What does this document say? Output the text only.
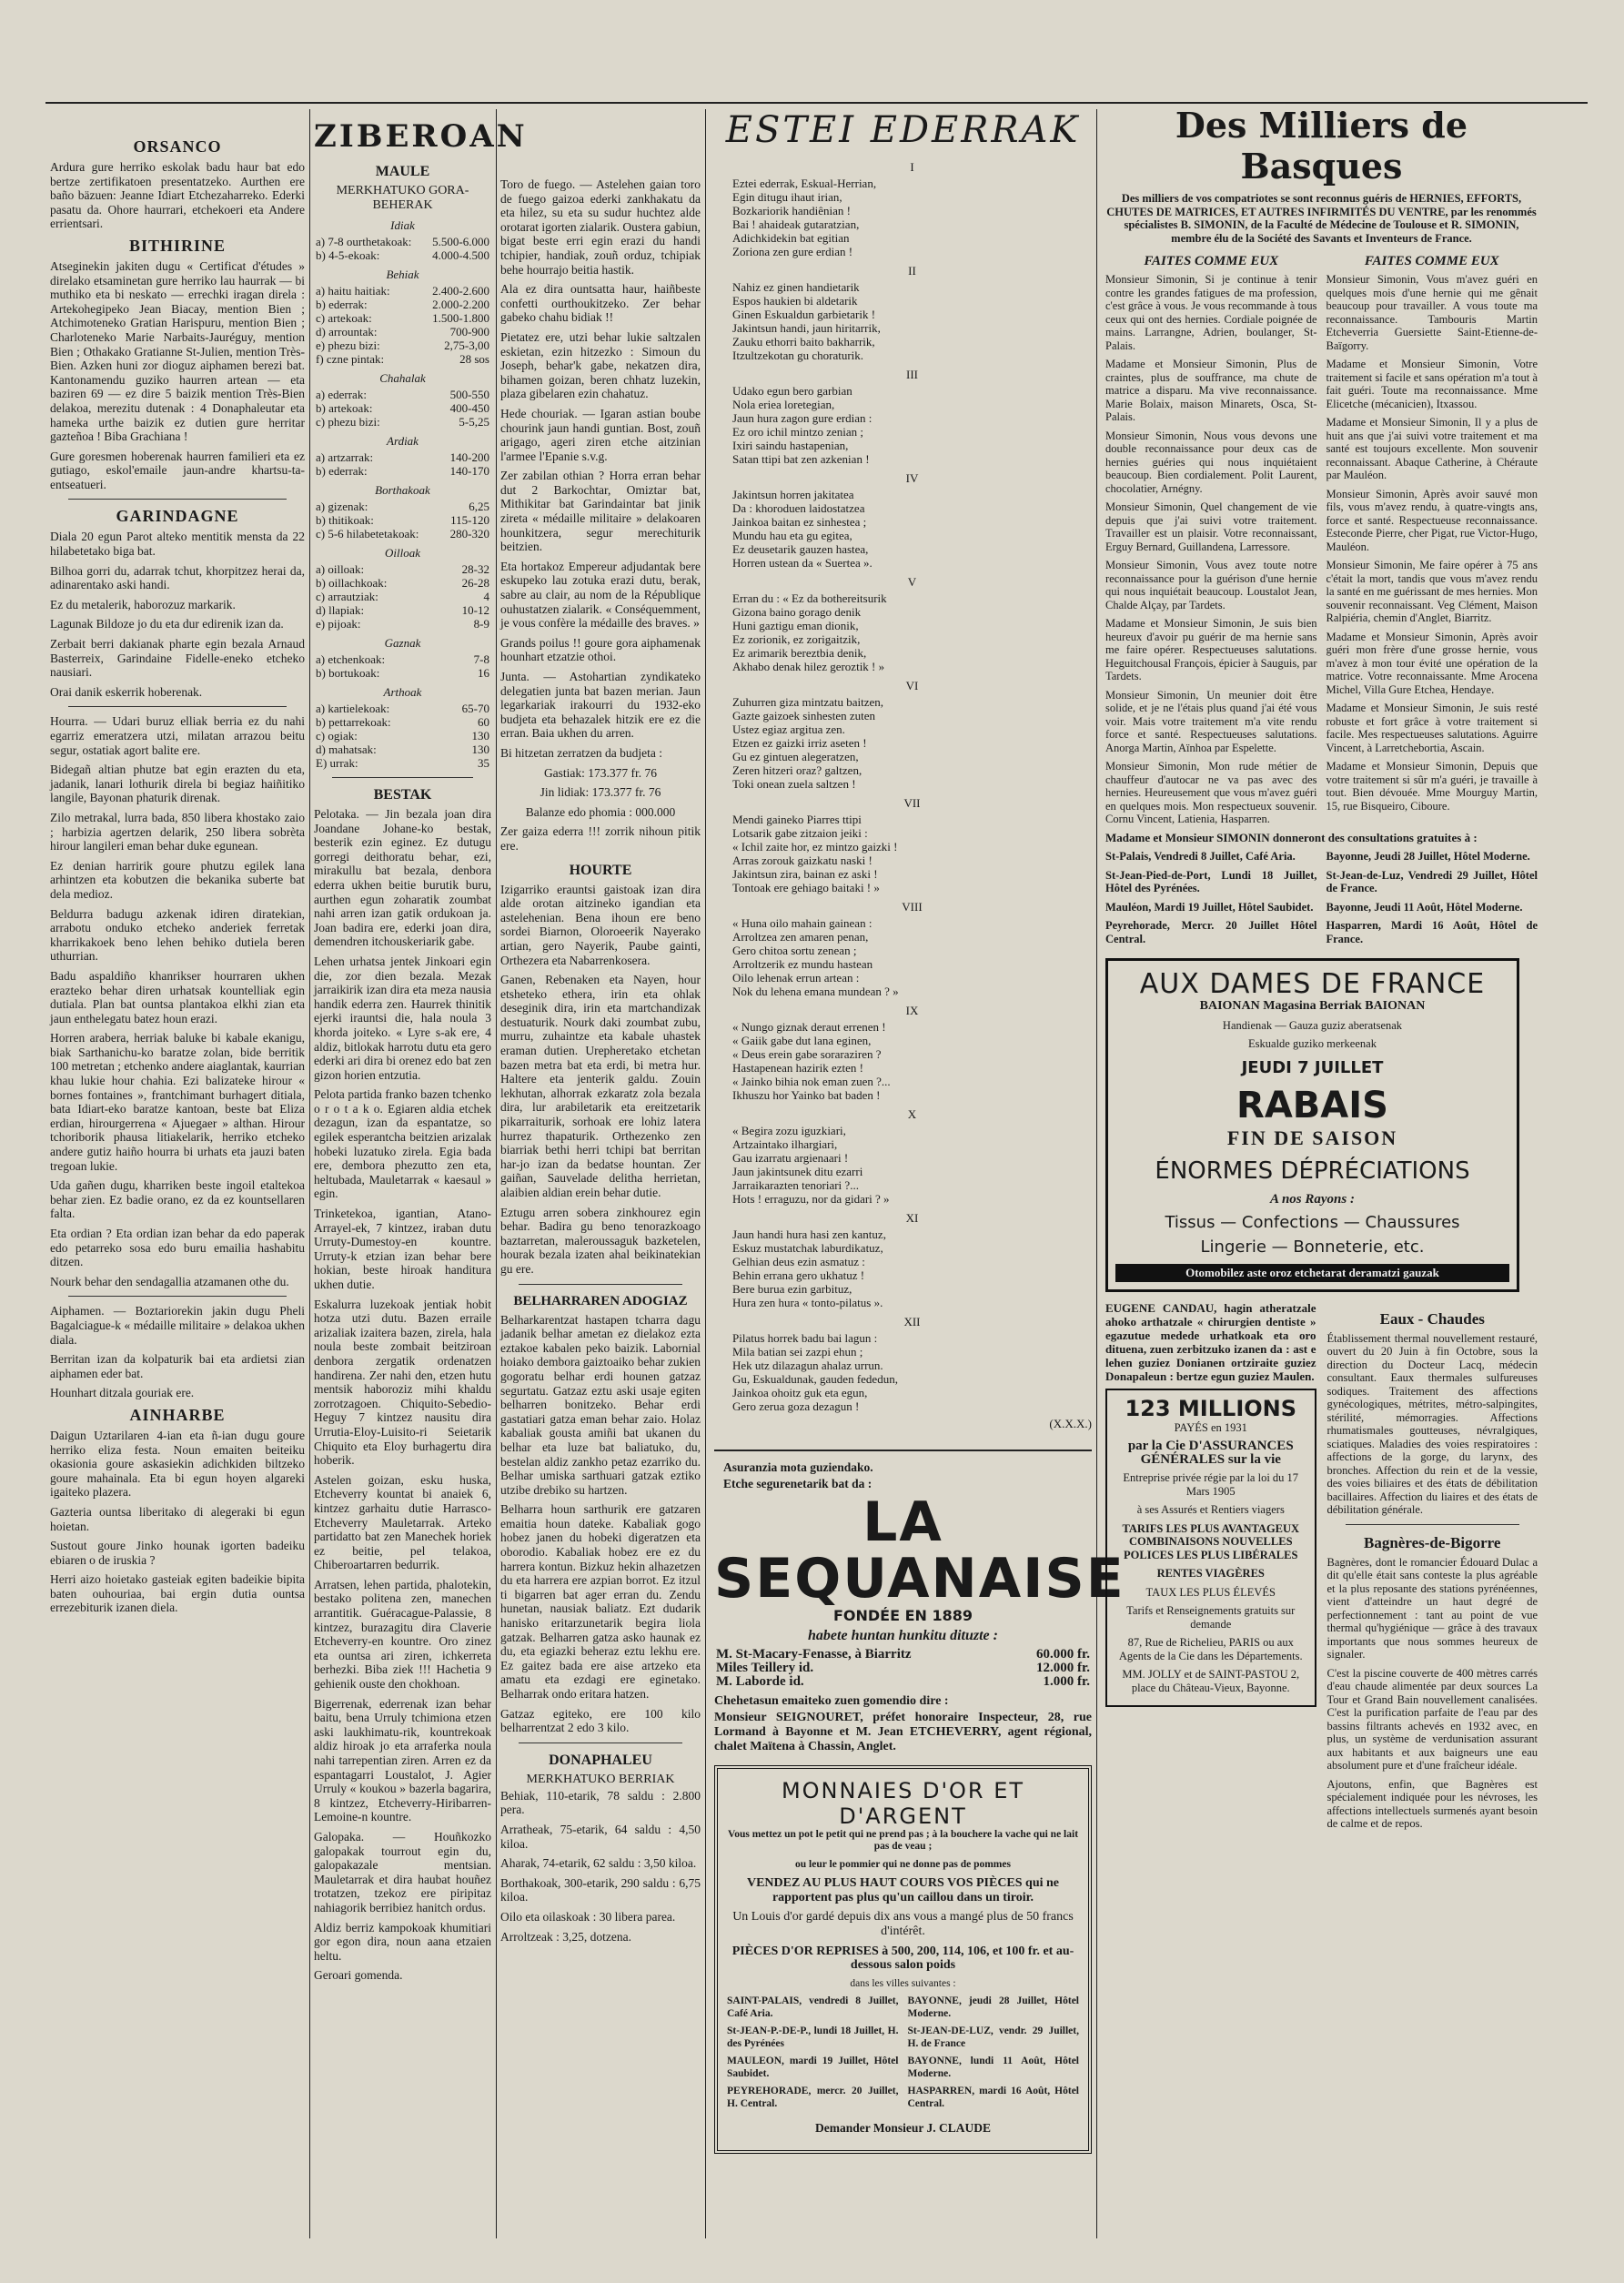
ORSANCO

Ardura gure herriko eskolak badu haur bat edo bertze zertifikatoen presentatzeko. Aurthen ere baño bäzuen: Jeanne Idiart Etchezaharreko. Ederki pasatu da. Ohore haurrari, etchekoeri eta Andere errientsari.

BITHIRINE

Atseginekin jakiten dugu « Certificat d'études » direlako etsaminetan gure herriko lau haurrak — bi muthiko eta bi neskato — errechki iragan direla : Artekohegipeko Jean Biacay, mention Bien ; Atchimoteneko Gratian Harispuru, mention Bien ; Charloteneko Marie Narbaits-Jauréguy, mention Bien ; Othakako Gratianne St-Julien, mention Très-Bien. Azken huni zor dioguz aiphamen berezi bat. Kantonamendu guziko haurren artean — eta baziren 69 — ez dire 5 baizik mention Très-Bien delakoa, merezitu dutenak : 4 Donaphaleutar eta hameka urthe baizik ez dutien gure herritar gazteñoa ! Biba Grachiana !

Gure goresmen hoberenak haurren familieri eta ez gutiago, eskol'emaile jaun-andre khartsu-ta-entseatueri.

GARINDAGNE

Diala 20 egun Parot alteko mentitik mensta da 22 hilabetetako biga bat.

Bilhoa gorri du, adarrak tchut, khorpitzez herai da, adinarentako aski handi.

Ez du metalerik, haborozuz markarik.

Lagunak Bildoze jo du eta dur edirenik izan da.

Zerbait berri dakianak pharte egin bezala Arnaud Basterreix, Garindaine Fidelle-eneko etcheko nausiari.

Orai danik eskerrik hoberenak.

Hourra. — Udari buruz elliak berria ez du nahi egarriz emeratzera utzi, milatan arrazou beitu segur, ostatiak agort balite ere.

Bidegañ altian phutze bat egin erazten du eta, jadanik, lanari lothurik direla bi begiaz haiñitiko langile, Bayonan phaturik direnak.

Zilo metrakal, lurra bada, 850 libera khostako zaio ; harbizia agertzen delarik, 250 libera sobrèta hirour langileri eman behar duke egunean.

Ez denian harririk goure phutzu egilek lana arhintzen eta kobutzen die bekanika suberte bat dela medioz.

Beldurra badugu azkenak idiren diratekian, arrabotu onduko etcheko anderiek ferretak kharrikakoek beno lehen behiko dutiela beren uthurrian.

Badu aspaldiño khanrikser hourraren ukhen erazteko behar diren urhatsak kountelliak egin dutiala. Plan bat ountsa plantakoa elkhi zian eta jaun enthelegatu batez houn erazi.

Horren arabera, herriak baluke bi kabale ekanigu, biak Sarthanichu-ko baratze zolan, bide berritik 100 metretan ; etchenko andere aiaglantak, kaurrian khau lukie hour chahia. Ezi balizateke hirour « bornes fontaines », frantchimant burhagert ditiala, bata Idiart-eko baratze kantoan, beste bat Eliza erdian, hirourgerrena « Ajuegaer » althan. Hirour tchoriborik phausa litiakelarik, herriko etcheko andere gutiz haiño hourra bi urhats eta jauzi baten tregoan lukie.

Uda gañen dugu, kharriken beste ingoil etaltekoa behar zien. Ez badie orano, ez da ez kountsellaren falta.

Eta ordian ? Eta ordian izan behar da edo paperak edo petarreko sosa edo buru emailia hashabitu ditzen.

Nourk behar den sendagallia atzamanen othe du.

Aiphamen. — Boztariorekin jakin dugu Pheli Bagalciague-k « médaille militaire » delakoa ukhen diala.

Berritan izan da kolpaturik bai eta ardietsi zian aiphamen eder bat.

Hounhart ditzala gouriak ere.

AINHARBE

Daigun Uztarilaren 4-ian eta ñ-ian dugu goure herriko eliza festa. Noun emaiten beiteiku okasionia goure askasiekin adichkiden biltzeko goure mahainala. Eta bi egun hoyen algareki igaiteko plazera.

Gazteria ountsa liberitako di alegeraki bi egun hoietan.

Sustout goure Jinko hounak igorten badeiku ebiaren o de iruskia ?

Herri aizo hoietako gasteiak egiten badeikie bipita baten ouhouriaa, bai ergin dutia ountsa errezebiturik izanen diela.

ZIBEROAN
MAULE
MERKHATUKO GORA-BEHERAK
Idiak
a) 7-8 ourthetakoak:	5.500-6.000
b) 4-5-ekoak:	4.000-4.500
Behiak
a) haitu haitiak:	2.400-2.600
b) ederrak:	2.000-2.200
c) artekoak:	1.500-1.800
d) arrountak:	700-900
e) phezu bizi:	2,75-3,00
f) czne pintak:	28 sos
Chahalak
a) ederrak:	500-550
b) artekoak:	400-450
c) phezu bizi:	5-5,25
Ardiak
a) artzarrak:	140-200
b) ederrak:	140-170
Borthakoak
a) gizenak:	6,25
b) thitikoak:	115-120
c) 5-6 hilabetetakoak:	280-320
Oilloak
a) oilloak:	28-32
b) oillachkoak:	26-28
c) arrautziak:	4
d) llapiak:	10-12
e) pijoak:	8-9
Gaznak
a) etchenkoak:	7-8
b) bortukoak:	16
Arthoak
a) kartielekoak:	65-70
b) pettarrekoak:	60
c) ogiak:	130
d) mahatsak:	130
E) urrak:	35
BESTAK

Pelotaka. — Jin bezala joan dira Joandane Johane-ko bestak, besterik ezin eginez. Ez dutugu gorregi deithoratu behar, ezi, mirakullu bat bezala, denbora ederra ukhen beitie burutik buru, aurthen egun zoharatik zoumbat nahi arren izan gatik ordukoan ja. Joan badira ere, ederki joan dira, demendren itchouskeriarik gabe.

Lehen urhatsa jentek Jinkoari egin die, zor dien bezala. Mezak jarraikirik izan dira eta meza nausia handik ederra zen. Haurrek thinitik ejerki irauntsi die, hala noula 3 khorda joiteko. « Lyre s-ak ere, 4 aldiz, bitlokak harrotu dutu eta gero ederki ari dira bi orenez edo bat zen gizon horien entzutia.

Pelota partida franko bazen tchenko o r o t a k o. Egiaren aldia etchek dezagun, izan da espantatze, so egilek esperantcha beitzien arizalak hobeki luzatuko zirela. Egia bada ere, dembora phezutto zen eta, heltubada, Mauletarrak « kaesaul » egin.

Trinketekoa, igantian, Atano-Arrayel-ek, 7 kintzez, iraban dutu Urruty-Dumestoy-en kountre. Urruty-k etzian izan behar bere hokian, beste hiroak handitura ukhen dutie.

Eskalurra luzekoak jentiak hobit hotza utzi dutu. Bazen erraile arizaliak izaitera bazen, zirela, hala noula beste zombait beitziroan denbora zergatik ordenatzen handirena. Zer nahi den, etzen hutu mentsik haboroziz mihi khaldu zorrotzagoen. Chiquito-Sebedio-Heguy 7 kintzez nausitu dira Urrutia-Eloy-Luisito-ri Seietarik Chiquito eta Eloy burhagertu dira hoberik.

Astelen goizan, esku huska, Etcheverry kountat bi anaiek 6, kintzez garhaitu dutie Harrasco-Etcheverry Mauletarrak. Arteko partidatto bat zen Manechek horiek ez beitie, pel telakoa, Chiberoartarren bedurrik.

Arratsen, lehen partida, phalotekin, bestako politena zen, manechen arrantitik. Guéracague-Palassie, 8 kintzez, burazagitu dira Claverie Etcheverry-en kountre. Oro zinez eta ountsa ari ziren, ichkerreta berhezki. Biba ziek !!! Hachetia 9 gehienik ouste den chokhoan.

Bigerrenak, ederrenak izan behar baitu, bena Urruly tchimiona etzen aski laukhimatu-rik, kountrekoak aldiz hiroak jo eta arraferka noula nahi tarrepentian ziren. Arren ez da espantagarri Loustalot, J. Agier Urruly « koukou » bazerla bagarira, 8 kintzez, Etcheverry-Hiribarren-Lemoine-n kountre.

Galopaka. — Houñkozko galopakak tourrout egin du, galopakazale mentsian. Mauletarrak et dira haubat houñez trotatzen, tzekoz ere piripitaz nahiagorik berribiez hanitch ordus.

Aldiz berriz kampokoak khumitiari gor egon dira, noun aana etzaien heltu.

Geroari gomenda.

Toro de fuego. — Astelehen gaian toro de fuego gaizoa ederki zankhakatu da eta hilez, su eta su sudur huchtez alde orotarat igorten zialarik. Oustera gabiun, bigat beste erri egin erazi du handi tchipier, handiak, zouñ orduz, tchipiak behe hourrajo beitia hastik.

Ala ez dira ountsatta haur, haiñbeste confetti ourthoukitzeko. Zer behar gabeko chahu bidiak !!

Pietatez ere, utzi behar lukie saltzalen eskietan, ezin hitzezko : Simoun du Joseph, behar'k gabe, nekatzen dira, bihamen goizan, beren chhatz luzekin, plaza gibelaren ezin chahatuz.

Hede chouriak. — Igaran astian boube chourink jaun handi guntian. Bost, zouñ arigago, ageri ziren etche aitzinian l'armee l'Epanie s.v.g.

Zer zabilan othian ? Horra erran behar dut 2 Barkochtar, Omiztar bat, Mithikitar bat Garindaintar bat jinik zireta « médaille militaire » delakoaren hounkitzera, segur merechiturik beitzien.

Eta hortakoz Empereur adjudantak bere eskupeko lau zotuka erazi dutu, berak, sabre au clair, au nom de la République ouhustatzen zialarik. « Conséquemment, je vous confère la médaille des braves. »

Grands poilus !! goure gora aiphamenak hounhart etzatzie othoi.

Junta. — Astohartian zyndikateko delegatien junta bat bazen merian. Jaun legarkariak irakourri du 1932-eko budjeta eta behazalek hitzik ere ez die erran. Baia ukhen du arren.

Bi hitzetan zerratzen da budjeta :

Gastiak: 173.377 fr. 76

Jin lidiak: 173.377 fr. 76

Balanze edo phomia : 000.000

Zer gaiza ederra !!! zorrik nihoun pitik ere.

HOURTE

Izigarriko erauntsi gaistoak izan dira alde orotan aitzineko igandian eta astelehenian. Bena ihoun ere beno sordei Biarnon, Oloroeerik Nayerako artian, gero Nayerik, Paube gainti, Orthezera eta Nabarrenkosera.

Ganen, Rebenaken eta Nayen, hour etsheteko ethera, irin eta ohlak deseginik dira, irin eta martchandizak destuaturik. Nourk daki zoumbat zubu, murru, zuhaintze eta kabale uhastek eraman dutien. Urepheretako etchetan bazen metra bat eta erdi, bi metra hur. Haltere eta jenterik galdu. Zouin lekhutan, alhorrak ezkaratz zola bezala dira, lur arabiletarik eta ereitzetarik pikarraiturik, sorhoak ere lohiz latera hurrez thapaturik. Orthezenko zen biarriak bethi herri tchipi bat berritan har-jo izan da bedatse hountan. Zer gaiñan, Sauvelade delitha herrietan, alaibien aldian erein behar dutie.

Eztugu arren sobera zinkhourez egin behar. Badira gu beno tenorazkoago baztarretan, maleroussaguk bazketelen, hourak bezala izaten ahal beikinatekian gu ere.

BELHARRAREN ADOGIAZ

Belharkarentzat hastapen tcharra dagu jadanik belhar ametan ez dielakoz ezta eztakoe kabalen peko baizik. Labornial hoiako dembora gaiztoaiko behar zukien gogoratu belhar erdi hounen gatzaz segurtatu. Gatzaz eztu aski usaje egiten belharren bonitzeko. Behar erdi gastatiari gatza eman behar zaio. Holaz kabaliak gousta amiñi bat ukanen du belhar eta luze bat baliatuko, du, bestelan aldiz zankho petaz ezarriko du. Belhar umiska sarthuari gatzak eztiko utzibe drebiko su hartzen.

Belharra houn sarthurik ere gatzaren emaitia houn dateke. Kabaliak gogo hobez janen du hobeki digeratzen eta oborodio. Kabaliak hobez ere ez du harrera kontun. Bizkuz hekin alhazetzen du eta harrera ere azpian borrot. Ez itzul ti bigarren bat ager erran du. Zendu hunetan, nausiak baliatz. Ezt dudarik hanisko eritarzunetarik begira liola gatzak. Belharren gatza asko haunak ez du, eta egiazki beheraz eztu lekhu ere. Ez gaitez bada ere aise artzeko eta amatu eta ezdagi ere eginetako. Belharrak ondo eritara hatzen.

Gatzaz egiteko, ere 100 kilo belharrentzat 2 edo 3 kilo.

DONAPHALEU
MERKHATUKO BERRIAK

Behiak, 110-etarik, 78 saldu : 2.800 pera.

Arratheak, 75-etarik, 64 saldu : 4,50 kiloa.

Aharak, 74-etarik, 62 saldu : 3,50 kiloa.

Borthakoak, 300-etarik, 290 saldu : 6,75 kiloa.

Oilo eta oilaskoak : 30 libera parea.

Arroltzeak : 3,25, dotzena.

ESTEI EDERRAK
I

Eztei ederrak, Eskual-Herrian,

Egin ditugu ihaut irian,

Bozkariorik handiênian !

Bai ! ahaideak gutaratzian,

Adichkidekin bat egitian

Zoriona zen gure erdian !

II

Nahiz ez ginen handietarik

Espos haukien bi aldetarik

Ginen Eskualdun garbietarik !

Jakintsun handi, jaun hiritarrik,

Zauku ethorri baito bakharrik,

Itzultzekotan gu choraturik.

III

Udako egun bero garbian

Nola eriea loretegian,

Jaun hura zagon gure erdian :

Ez oro ichil mintzo zenian ;

Ixiri saindu hastapenian,

Satan ttipi bat zen azkenian !

IV

Jakintsun horren jakitatea

Da : khoroduen laidostatzea

Jainkoa baitan ez sinhestea ;

Mundu hau eta gu egitea,

Ez deusetarik gauzen hastea,

Horren ustean da « Suertea ».

V

Erran du : « Ez da bothereitsurik

Gizona baino gorago denik

Huni gaztigu eman dionik,

Ez zorionik, ez zorigaitzik,

Ez arimarik bereztbia denik,

Akhabo denak hilez geroztik ! »

VI

Zuhurren giza mintzatu baitzen,

Gazte gaizoek sinhesten zuten

Ustez egiaz argitua zen.

Etzen ez gaizki irriz aseten !

Gu ez gintuen alegeratzen,

Zeren hitzeri oraz? galtzen,

Toki onean zuela saltzen !

VII

Mendi gaineko Piarres ttipi

Lotsarik gabe zitzaion jeiki :

« Ichil zaite hor, ez mintzo gaizki !

Arras zorouk gaizkatu naski !

Jakintsun zira, bainan ez aski !

Tontoak ere gehiago baitaki ! »

VIII

« Huna oilo mahain gainean :

Arroltzea zen amaren penan,

Gero chitoa sortu zenean ;

Arroltzerik ez mundu hastean

Oilo lehenak errun artean :

Nok du lehena emana mundean ? »

IX

« Nungo giznak deraut errenen !

« Gaiik gabe dut lana eginen,

« Deus erein gabe soraraziren ?

Hastapenean hazirik ezten !

« Jainko bihia nok eman zuen ?...

Ikhuszu hor Yainko bat baden !

X

« Begira zozu iguzkiari,

Artzaintako ilhargiari,

Gau izarratu argienaari !

Jaun jakintsunek ditu ezarri

Jarraikarazten tenoriari ?...

Hots ! erraguzu, nor da gidari ? »

XI

Jaun handi hura hasi zen kantuz,

Eskuz mustatchak laburdikatuz,

Gelhian deus ezin asmatuz :

Behin errana gero ukhatuz !

Bere burua ezin garbituz,

Hura zen hura « tonto-pilatus ».

XII

Pilatus horrek badu bai lagun :

Mila batian sei zazpi ehun ;

Hek utz dilazagun ahalaz urrun.

Gu, Eskualdunak, gauden fededun,

Jainkoa ohoitz guk eta egun,

Gero zerua goza dezagun !

(X.X.X.)

Asuranzia mota guziendako.

Etche segurenetarik bat da :

LA SEQUANAISE
FONDÉE EN 1889
habete huntan hunkitu dituzte :
M. St-Macary-Fenasse, à Biarritz	60.000 fr.
Miles Teillery id.	12.000 fr.
M. Laborde id.	1.000 fr.

Chehetasun emaiteko zuen gomendio dire :

Monsieur SEIGNOURET, préfet honoraire Inspecteur, 28, rue Lormand à Bayonne et M. Jean ETCHEVERRY, agent régional, chalet Maïtena à Chassin, Anglet.

MONNAIES D'OR ET D'ARGENT

Vous mettez un pot le petit qui ne prend pas ; à la bouchere la vache qui ne lait pas de veau ;

ou leur le pommier qui ne donne pas de pommes

VENDEZ AU PLUS HAUT COURS VOS PIÈCES qui ne rapportent pas plus qu'un caillou dans un tiroir.

Un Louis d'or gardé depuis dix ans vous a mangé plus de 50 francs d'intérêt.

PIÈCES D'OR REPRISES à 500, 200, 114, 106, et 100 fr. et au-dessous salon poids

dans les villes suivantes :

SAINT-PALAIS, vendredi 8 Juillet, Café Aria.

St-JEAN-P.-DE-P., lundi 18 Juillet, H. des Pyrénées

MAULEON, mardi 19 Juillet, Hôtel Saubidet.

PEYREHORADE, mercr. 20 Juillet, H. Central.

BAYONNE, jeudi 28 Juillet, Hôtel Moderne.

St-JEAN-DE-LUZ, vendr. 29 Juillet, H. de France

BAYONNE, lundi 11 Août, Hôtel Moderne.

HASPARREN, mardi 16 Août, Hôtel Central.

Demander Monsieur J. CLAUDE

Des Milliers de Basques

Des milliers de vos compatriotes se sont reconnus guéris de HERNIES, EFFORTS, CHUTES DE MATRICES, ET AUTRES INFIRMITÉS DU VENTRE, par les renommés spécialistes B. SIMONIN, de la Faculté de Médecine de Toulouse et R. SIMONIN, membre élu de la Société des Savants et Inventeurs de France.

FAITES COMME EUX

Monsieur Simonin, Si je continue à tenir contre les grandes fatigues de ma profession, c'est grâce à vous. Je vous recommande à tous ceux qui ont des hernies. Cordiale poignée de mains. Larrangne, Adrien, boulanger, St-Palais.

Madame et Monsieur Simonin, Plus de craintes, plus de souffrance, ma chute de matrice a disparu. Ma vive reconnaissance. Marie Bolaix, maison Minarets, Osca, St-Palais.

Monsieur Simonin, Nous vous devons une double reconnaissance pour deux cas de hernies guéries qui nous inquiétaient beaucoup. Bien cordialement. Polit Laurent, chocolatier, Arnégny.

Monsieur Simonin, Quel changement de vie depuis que j'ai suivi votre traitement. Travailler est un plaisir. Votre reconnaissant, Erguy Bernard, Guillandena, Larressore.

Monsieur Simonin, Vous avez toute notre reconnaissance pour la guérison d'une hernie qui nous inquiétait beaucoup. Loustalot Jean, Chalde Alçay, par Tardets.

Madame et Monsieur Simonin, Je suis bien heureux d'avoir pu guérir de ma hernie sans me faire opérer. Respectueuses salutations. Heguitchousal François, épicier à Sauguis, par Tardets.

Monsieur Simonin, Un meunier doit être solide, et je ne l'étais plus quand j'ai été vous voir. Mais votre traitement m'a vite rendu force et santé. Respectueuses salutations. Anorga Martin, Aïnhoa par Espelette.

Monsieur Simonin, Mon rude métier de chauffeur d'autocar ne va pas avec des hernies. Heureusement que vous m'avez guéri en quelques mois. Mon respectueux souvenir. Cornu Vincent, Latienia, Hasparren.

FAITES COMME EUX

Monsieur Simonin, Vous m'avez guéri en quelques mois d'une hernie qui me gênait beaucoup pour travailler. A vous toute ma reconnaissance. Tambouris Martin Etcheverria Guersiette Saint-Etienne-de-Baïgorry.

Madame et Monsieur Simonin, Votre traitement si facile et sans opération m'a tout à fait guéri. Toute ma reconnaissance. Mme Elicetche (mécanicien), Itxassou.

Madame et Monsieur Simonin, Il y a plus de huit ans que j'ai suivi votre traitement et ma santé est toujours excellente. Mon souvenir reconnaissant. Abaque Catherine, à Chéraute par Mauléon.

Monsieur Simonin, Après avoir sauvé mon fils, vous m'avez rendu, à quatre-vingts ans, force et santé. Respectueuse reconnaissance. Esteconde Pierre, cher Pigat, rue Victor-Hugo, Mauléon.

Monsieur Simonin, Me faire opérer à 75 ans c'était la mort, tandis que vous m'avez rendu la santé en me guérissant de mes hernies. Mon souvenir reconnaissant. Veg Clément, Maison Ralpiéria, chemin d'Anglet, Biarritz.

Madame et Monsieur Simonin, Après avoir guéri mon frère d'une grosse hernie, vous m'avez à mon tour évité une opération de la matrice. Votre reconnaissante. Mme Arocena Michel, Villa Gure Etchea, Hendaye.

Madame et Monsieur Simonin, Je suis resté robuste et fort grâce à votre traitement si facile. Mes respectueuses salutations. Aguirre Vincent, à Larretchebortia, Ascain.

Madame et Monsieur Simonin, Depuis que votre traitement si sûr m'a guéri, je travaille à tout. Bien dévouée. Mme Mourguy Martin, 15, rue Bisqueiro, Ciboure.

Madame et Monsieur SIMONIN donneront des consultations gratuites à :

St-Palais, Vendredi 8 Juillet, Café Aria.

St-Jean-Pied-de-Port, Lundi 18 Juillet, Hôtel des Pyrénées.

Mauléon, Mardi 19 Juillet, Hôtel Saubidet.

Peyrehorade, Mercr. 20 Juillet Hôtel Central.

Bayonne, Jeudi 28 Juillet, Hôtel Moderne.

St-Jean-de-Luz, Vendredi 29 Juillet, Hôtel de France.

Bayonne, Jeudi 11 Août, Hôtel Moderne.

Hasparren, Mardi 16 Août, Hôtel de France.

AUX DAMES DE FRANCE

BAIONAN Magasina Berriak BAIONAN

Handienak — Gauza guziz aberatsenak

Eskualde guziko merkeenak

JEUDI 7 JUILLET
RABAIS
FIN DE SAISON
ÉNORMES DÉPRÉCIATIONS
A nos Rayons :
Tissus — Confections — Chaussures
Lingerie — Bonneterie, etc.
Otomobilez aste oroz etchetarat deramatzi gauzak

EUGENE CANDAU, hagin atheratzale ahoko arthatzale « chirurgien dentiste » egazutue medede urhatkoak eta oro dituena, zuen zerbitzuko izanen da : ast e lehen guziez Donianen ortziraite guziez Donapaleun : bertze egun guziez Maulen.

123 MILLIONS

PAYÉS en 1931

par la Cie D'ASSURANCES GÉNÉRALES sur la vie

Entreprise privée régie par la loi du 17 Mars 1905

à ses Assurés et Rentiers viagers

TARIFS LES PLUS AVANTAGEUX COMBINAISONS NOUVELLES POLICES LES PLUS LIBÉRALES

RENTES VIAGÈRES

TAUX LES PLUS ÉLEVÉS

Tarifs et Renseignements gratuits sur demande

87, Rue de Richelieu, PARIS ou aux Agents de la Cie dans les Départements.

MM. JOLLY et de SAINT-PASTOU 2, place du Château-Vieux, Bayonne.

Eaux - Chaudes

Établissement thermal nouvellement restauré, ouvert du 20 Juin à fin Octobre, sous la direction du Docteur Lacq, médecin consultant. Eaux thermales sulfureuses sodiques. Traitement des affections gynécologiques, métrites, métro-salpingites, stérilité, mémorragies. Affections rhumatismales goutteuses, névralgiques, sciatiques. Maladies des voies respiratoires : affections de la gorge, du larynx, des bronches. Affection du rein et de la vessie, des voies biliaires et des états de débilitation bacillaires. Affection du liaires et des états de débilitation générale.

Bagnères-de-Bigorre

Bagnères, dont le romancier Édouard Dulac a dit qu'elle était sans conteste la plus agréable et la plus reposante des stations pyrénéennes, vient d'atteindre un haut degré de perfectionnement : tant au point de vue thermal qu'hygiénique — grâce à des travaux importants que nous sommes heureux de signaler.

C'est la piscine couverte de 400 mètres carrés d'eau chaude alimentée par deux sources La Tour et Grand Bain nouvellement canalisées. C'est la purification parfaite de l'eau par des bassins filtrants achevés en 1932 avec, en plus, un système de verdunisation assurant aux habitants et aux baigneurs une eau absolument pure et d'une fraîcheur idéale.

Ajoutons, enfin, que Bagnères est spécialement indiquée pour les névroses, les affections intellectuels surmenés ayant besoin de calme et de repos.
